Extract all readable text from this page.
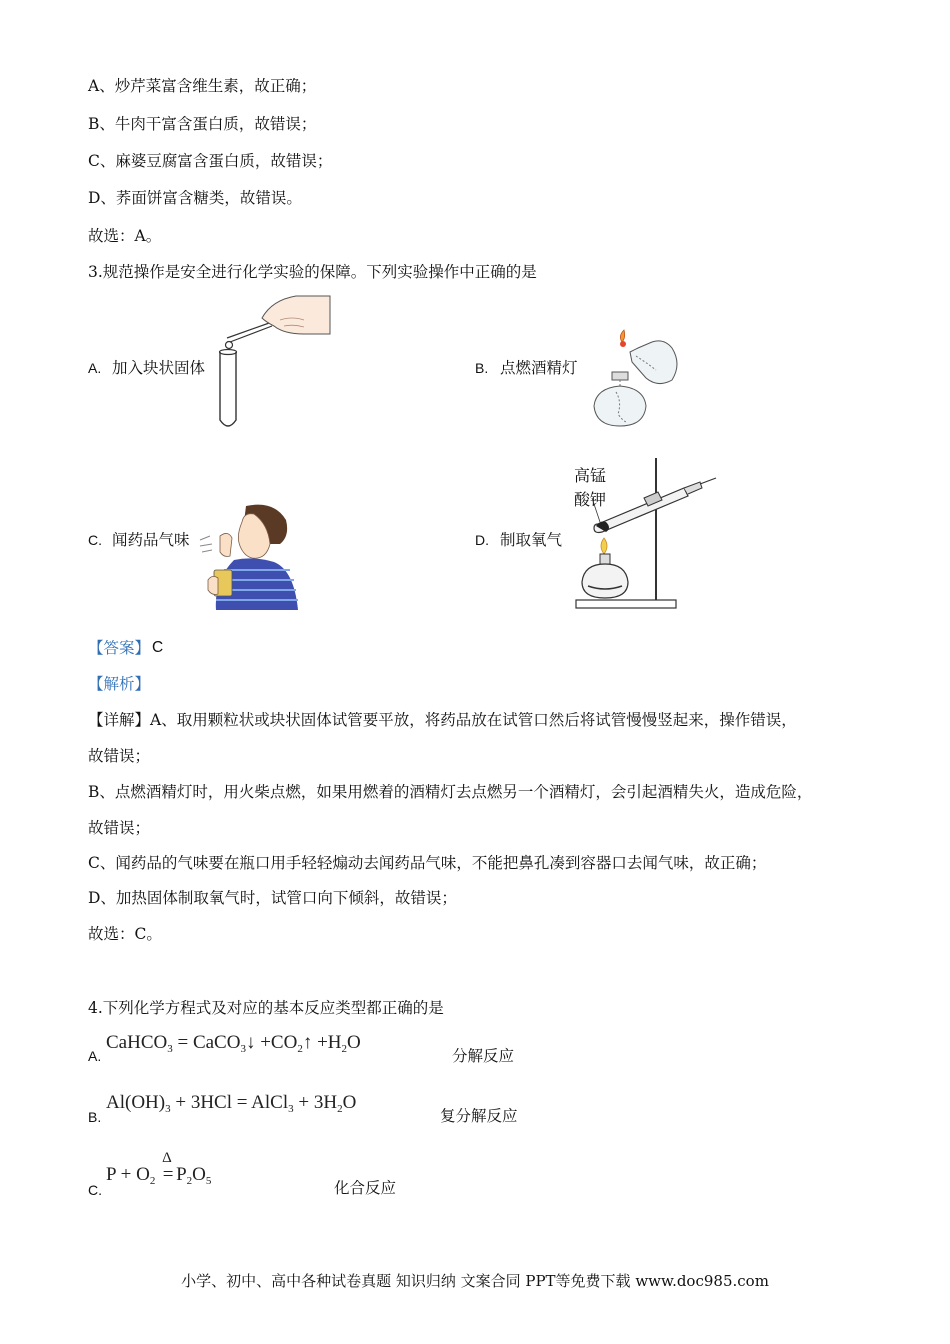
A、炒芹菜富含维生素，故正确；
B、牛肉干富含蛋白质，故错误；
C、麻婆豆腐富含蛋白质，故错误；
D、荞面饼富含糖类，故错误。
故选：A。
3.规范操作是安全进行化学实验的保障。下列实验操作中正确的是
A. 加入块状固体	B. 点燃酒精灯
C. 闻药品气味	D. 制取氧气
高锰
酸钾
【答案】 C
【解析】
【详解】A、取用颗粒状或块状固体试管要平放，将药品放在试管口然后将试管慢慢竖起来，操作错误，
故错误；
B、点燃酒精灯时，用火柴点燃，如果用燃着的酒精灯去点燃另一个酒精灯，会引起酒精失火，造成危险，
故错误；
C、闻药品的气味要在瓶口用手轻轻煽动去闻药品气味，不能把鼻孔凑到容器口去闻气味，故正确；
D、加热固体制取氧气时，试管口向下倾斜，故错误；
故选：C。
4.下列化学方程式及对应的基本反应类型都正确的是
A.
CaHCO$_3$ = CaCO$_3$↓ $+CO_2↑ +H_2O$
分解反应
B.
$Al(OH)_3 + 3HCl$ = AlCl$_3$ + $3H_2O$
复分解反应
C.
$P + O_2$
Δ
= $P_2O_5$	化合反应
小学、初中、高中各种试卷真题 知识归纳 文案合同 PPT等免费下载 www.doc985.com
